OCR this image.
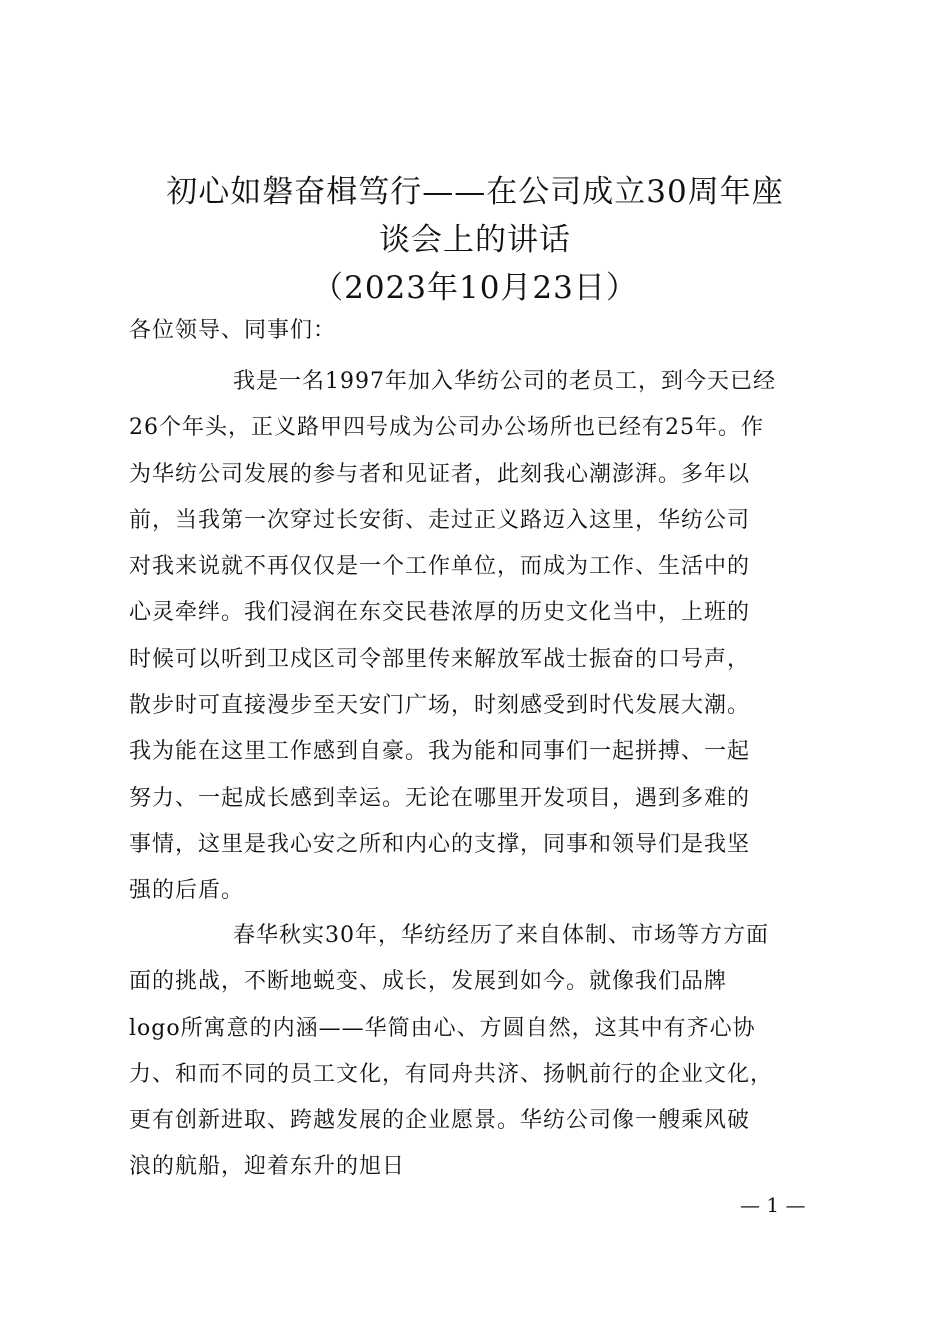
初心如磐奋楫笃行——在公司成立30周年座
谈会上的讲话
（2023年10月23日）
各位领导、同事们：
我是一名1997年加入华纺公司的老员工，到今天已经
26个年头，正义路甲四号成为公司办公场所也已经有25年。作
为华纺公司发展的参与者和见证者，此刻我心潮澎湃。多年以
前，当我第一次穿过长安街、走过正义路迈入这里，华纺公司
对我来说就不再仅仅是一个工作单位，而成为工作、生活中的
心灵牵绊。我们浸润在东交民巷浓厚的历史文化当中，上班的
时候可以听到卫戍区司令部里传来解放军战士振奋的口号声，
散步时可直接漫步至天安门广场，时刻感受到时代发展大潮。
我为能在这里工作感到自豪。我为能和同事们一起拼搏、一起
努力、一起成长感到幸运。无论在哪里开发项目，遇到多难的
事情，这里是我心安之所和内心的支撑，同事和领导们是我坚
强的后盾。
春华秋实30年，华纺经历了来自体制、市场等方方面
面的挑战，不断地蜕变、成长，发展到如今。就像我们品牌
logo所寓意的内涵——华简由心、方圆自然，这其中有齐心协
力、和而不同的员工文化，有同舟共济、扬帆前行的企业文化，
更有创新进取、跨越发展的企业愿景。华纺公司像一艘乘风破
浪的航船，迎着东升的旭日
— 1 —
